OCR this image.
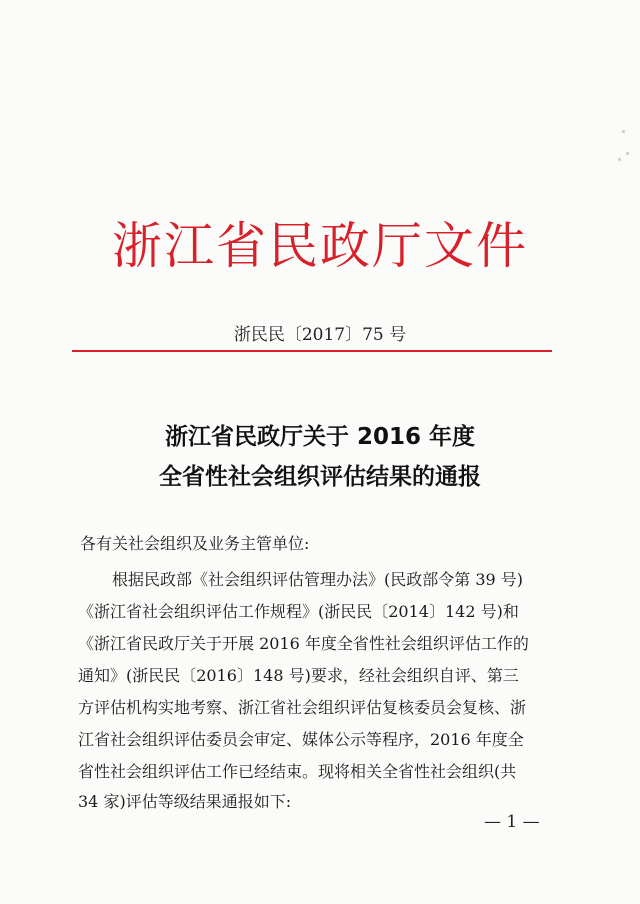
浙江省民政厅文件
浙民民〔2017〕75 号
浙江省民政厅关于 2016 年度
全省性社会组织评估结果的通报
各有关社会组织及业务主管单位:
根据民政部《社会组织评估管理办法》(民政部令第 39 号)
《浙江省社会组织评估工作规程》(浙民民〔2014〕142 号)和
《浙江省民政厅关于开展 2016 年度全省性社会组织评估工作的
通知》(浙民民〔2016〕148 号)要求，经社会组织自评、第三
方评估机构实地考察、浙江省社会组织评估复核委员会复核、浙
江省社会组织评估委员会审定、媒体公示等程序，2016 年度全
省性社会组织评估工作已经结束。现将相关全省性社会组织(共
34 家)评估等级结果通报如下:
— 1 —
